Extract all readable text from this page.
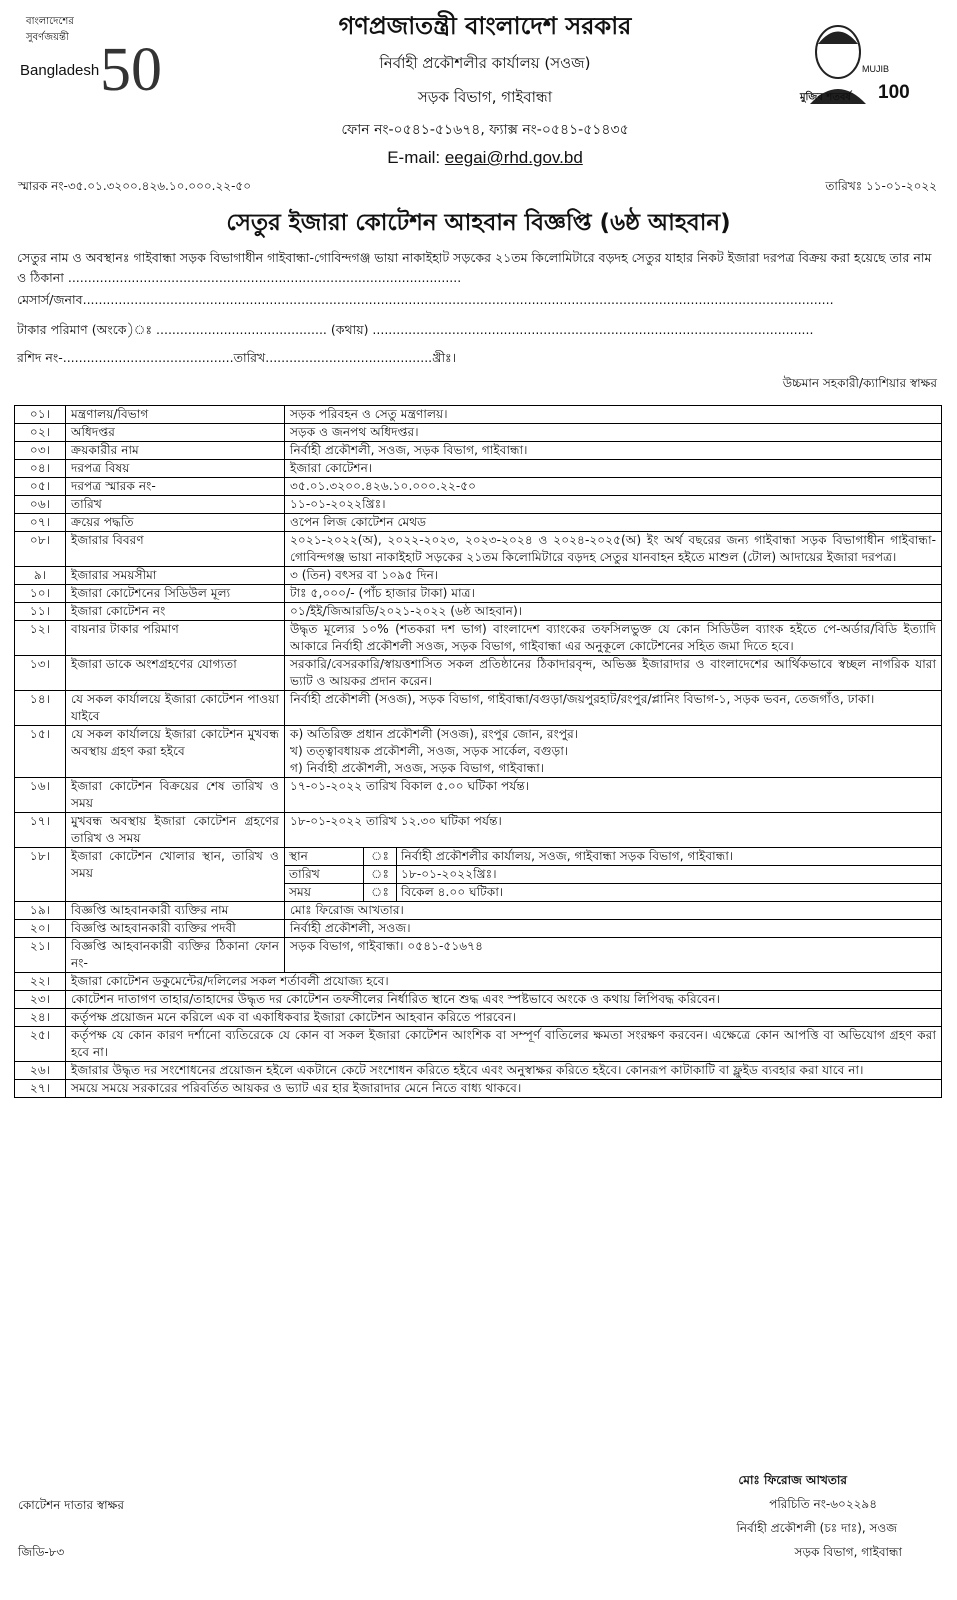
বাংলাদেশের
সুবর্ণজয়ন্তী
Bangladesh 50	MUJIB
100
মুজিব শতবর্ষ
গণপ্রজাতন্ত্রী বাংলাদেশ সরকার
নির্বাহী প্রকৌশলীর কার্যালয় (সওজ)
সড়ক বিভাগ, গাইবান্ধা
ফোন নং-০৫৪১-৫১৬৭৪, ফ্যাক্স নং-০৫৪১-৫১৪৩৫
E-mail: eegai@rhd.gov.bd
স্মারক নং-৩৫.০১.৩২০০.৪২৬.১০.০০০.২২-৫০	তারিখঃ ১১-০১-২০২২
সেতুর ইজারা কোটেশন আহবান বিজ্ঞপ্তি (৬ষ্ঠ আহবান)
সেতুর নাম ও অবস্থানঃ গাইবান্ধা সড়ক বিভাগাধীন গাইবান্ধা-গোবিন্দগঞ্জ ভায়া নাকাইহাট সড়কের ২১তম কিলোমিটারে বড়দহ সেতুর যাহার নিকট ইজারা দরপত্র বিক্রয় করা হয়েছে তার নাম ও ঠিকানা ...................................................................................................
মেসার্স/জনাব.............................................................................................................................................................................................
টাকার পরিমাণ (অংকে)ঃ ........................................... (কথায়) ...............................................................................................................
রশিদ নং-...........................................তারিখ..........................................খ্রীঃ।
উচ্চমান সহকারী/ক্যাশিয়ার স্বাক্ষর
০১।	মন্ত্রণালয়/বিভাগ	সড়ক পরিবহন ও সেতু মন্ত্রণালয়।
০২।	অধিদপ্তর	সড়ক ও জনপথ অধিদপ্তর।
০৩।	ক্রয়কারীর নাম	নির্বাহী প্রকৌশলী, সওজ, সড়ক বিভাগ, গাইবান্ধা।
০৪।	দরপত্র বিষয়	ইজারা কোটেশন।
০৫।	দরপত্র স্মারক নং-	৩৫.০১.৩২০০.৪২৬.১০.০০০.২২-৫০
০৬।	তারিখ	১১-০১-২০২২খ্রিঃ।
০৭।	ক্রয়ের পদ্ধতি	ওপেন লিজ কোটেশন মেথড
০৮।	ইজারার বিবরণ	২০২১-২০২২(অ), ২০২২-২০২৩, ২০২৩-২০২৪ ও ২০২৪-২০২৫(অ) ইং অর্থ বছরের জন্য গাইবান্ধা সড়ক বিভাগাধীন গাইবান্ধা-গোবিন্দগঞ্জ ভায়া নাকাইহাট সড়কের ২১তম কিলোমিটারে বড়দহ সেতুর যানবাহন হইতে মাশুল (টোল) আদায়ের ইজারা দরপত্র।
৯।	ইজারার সময়সীমা	৩ (তিন) বৎসর বা ১০৯৫ দিন।
১০।	ইজারা কোটেশনের সিডিউল মূল্য	টাঃ ৫,০০০/- (পাঁচ হাজার টাকা) মাত্র।
১১।	ইজারা কোটেশন নং	০১/ইই/জিআরডি/২০২১-২০২২ (৬ষ্ঠ আহবান)।
১২।	বায়নার টাকার পরিমাণ	উদ্ধৃত মূল্যের ১০% (শতকরা দশ ভাগ) বাংলাদেশ ব্যাংকের তফসিলভুক্ত যে কোন সিডিউল ব্যাংক হইতে পে-অর্ডার/বিডি ইত্যাদি আকারে নির্বাহী প্রকৌশলী সওজ, সড়ক বিভাগ, গাইবান্ধা এর অনুকূলে কোটেশনের সহিত জমা দিতে হবে।
১৩।	ইজারা ডাকে অংশগ্রহণের যোগ্যতা	সরকারি/বেসরকারি/স্বায়ত্তশাসিত সকল প্রতিষ্ঠানের ঠিকাদারবৃন্দ, অভিজ্ঞ ইজারাদার ও বাংলাদেশের আর্থিকভাবে স্বচ্ছল নাগরিক যারা ভ্যাট ও আয়কর প্রদান করেন।
১৪।	যে সকল কার্যালয়ে ইজারা কোটেশন পাওয়া যাইবে	নির্বাহী প্রকৌশলী (সওজ), সড়ক বিভাগ, গাইবান্ধা/বগুড়া/জয়পুরহাট/রংপুর/প্লানিং বিভাগ-১, সড়ক ভবন, তেজগাঁও, ঢাকা।
১৫।	যে সকল কার্যালয়ে ইজারা কোটেশন মুখবন্ধ অবস্থায় গ্রহণ করা হইবে	
ক) অতিরিক্ত প্রধান প্রকৌশলী (সওজ), রংপুর জোন, রংপুর।
খ) তত্ত্বাবধায়ক প্রকৌশলী, সওজ, সড়ক সার্কেল, বগুড়া।
গ) নির্বাহী প্রকৌশলী, সওজ, সড়ক বিভাগ, গাইবান্ধা।

১৬।	ইজারা কোটেশন বিক্রয়ের শেষ তারিখ ও সময়	১৭-০১-২০২২ তারিখ বিকাল ৫.০০ ঘটিকা পর্যন্ত।
১৭।	মুখবন্ধ অবস্থায় ইজারা কোটেশন গ্রহণের তারিখ ও সময়	১৮-০১-২০২২ তারিখ ১২.৩০ ঘটিকা পর্যন্ত।
১৮।	ইজারা কোটেশন খোলার স্থান, তারিখ ও সময়	
স্থান	ঃ	নির্বাহী প্রকৌশলীর কার্যালয়, সওজ, গাইবান্ধা সড়ক বিভাগ, গাইবান্ধা।
তারিখ	ঃ	১৮-০১-২০২২খ্রিঃ।
সময়	ঃ	বিকেল ৪.০০ ঘটিকা।

১৯।	বিজ্ঞপ্তি আহবানকারী ব্যক্তির নাম	মোঃ ফিরোজ আখতার।
২০।	বিজ্ঞপ্তি আহবানকারী ব্যক্তির পদবী	নির্বাহী প্রকৌশলী, সওজ।
২১।	বিজ্ঞপ্তি আহবানকারী ব্যক্তির ঠিকানা ফোন নং-	সড়ক বিভাগ, গাইবান্ধা। ০৫৪১-৫১৬৭৪
২২।	ইজারা কোটেশন ডকুমেন্টের/দলিলের সকল শর্তাবলী প্রযোজ্য হবে।
২৩।	কোটেশন দাতাগণ তাহার/তাহাদের উদ্ধৃত দর কোটেশন তফসীলের নির্ধারিত স্থানে শুদ্ধ এবং স্পষ্টভাবে অংকে ও কথায় লিপিবদ্ধ করিবেন।
২৪।	কর্তৃপক্ষ প্রয়োজন মনে করিলে এক বা একাধিকবার ইজারা কোটেশন আহবান করিতে পারবেন।
২৫।	কর্তৃপক্ষ যে কোন কারণ দর্শানো ব্যতিরেকে যে কোন বা সকল ইজারা কোটেশন আংশিক বা সম্পূর্ণ বাতিলের ক্ষমতা সংরক্ষণ করবেন। এক্ষেত্রে কোন আপত্তি বা অভিযোগ গ্রহণ করা হবে না।
২৬।	ইজারার উদ্ধৃত দর সংশোধনের প্রয়োজন হইলে একটানে কেটে সংশোধন করিতে হইবে এবং অনুস্বাক্ষর করিতে হইবে। কোনরূপ কাটাকাটি বা ফ্লুইড ব্যবহার করা যাবে না।
২৭।	সময়ে সময়ে সরকারের পরিবর্তিত আয়কর ও ভ্যাট এর হার ইজারাদার মেনে নিতে বাধ্য থাকবে।
কোটেশন দাতার স্বাক্ষর
জিডি-৮৩
মোঃ ফিরোজ আখতার
পরিচিতি নং-৬০২২৯৪
নির্বাহী প্রকৌশলী (চঃ দাঃ), সওজ
সড়ক বিভাগ, গাইবান্ধা
